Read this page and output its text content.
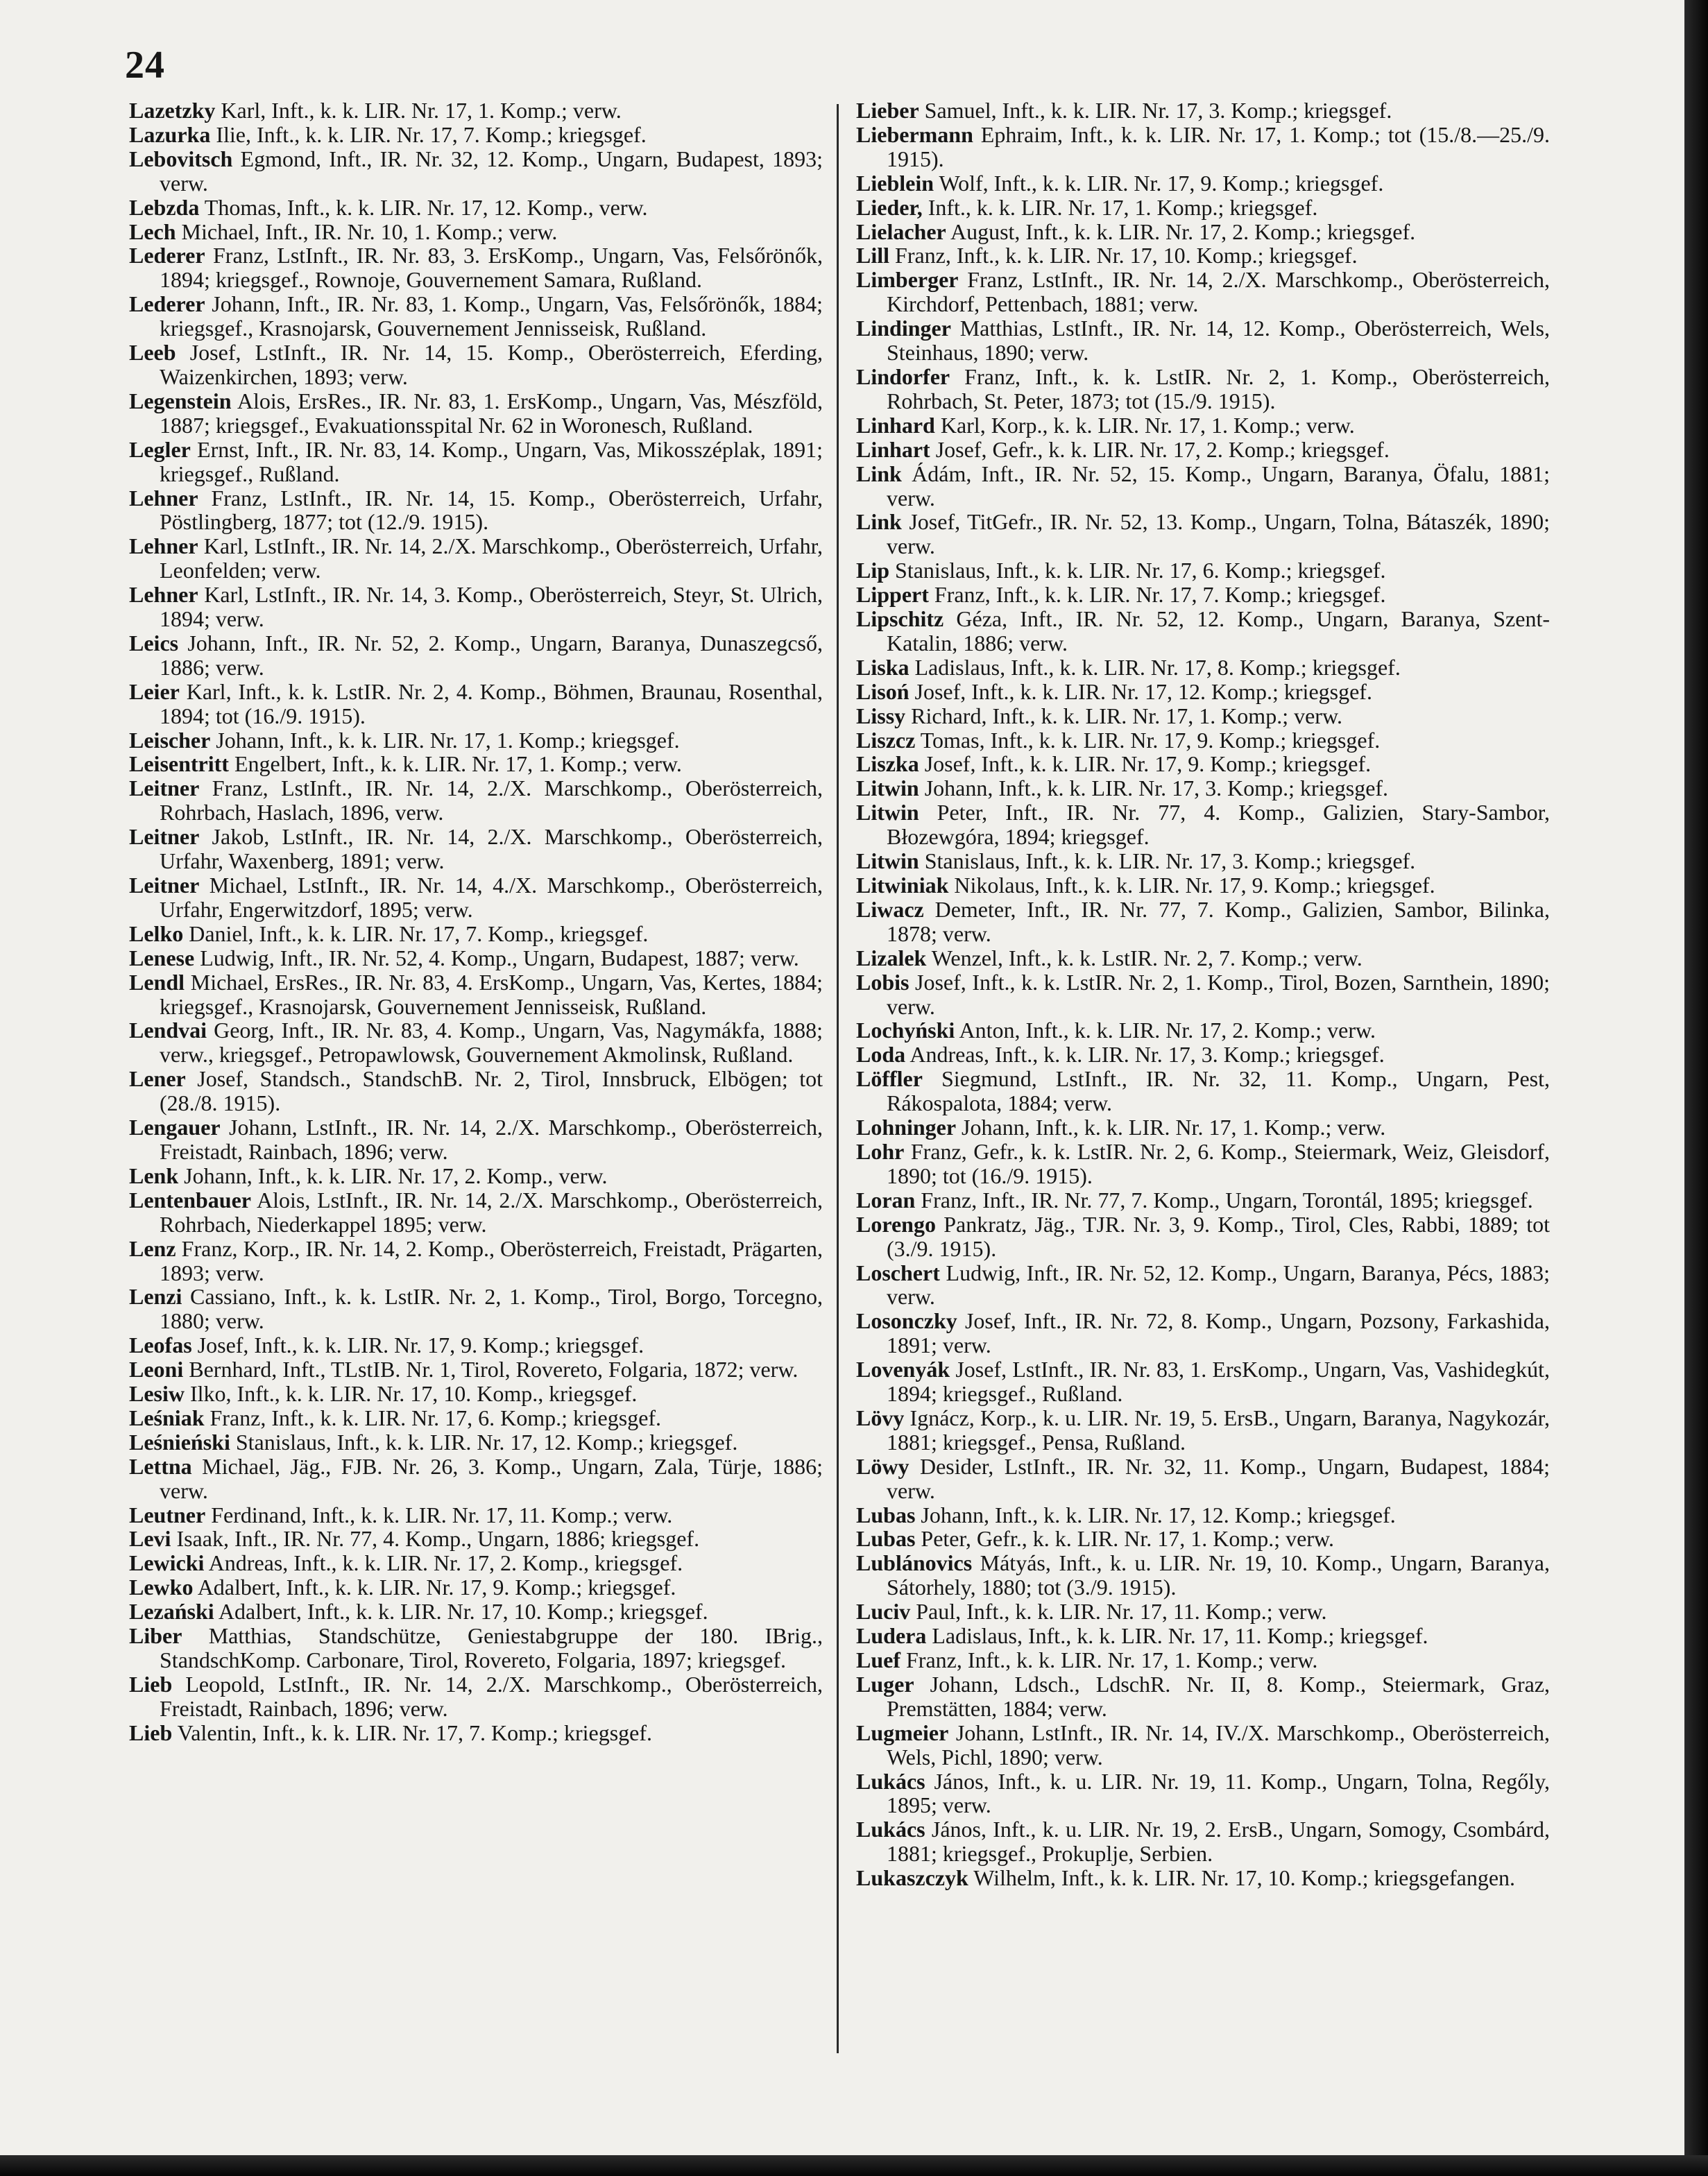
24
Lazetzky Karl, Inft., k. k. LIR. Nr. 17, 1. Komp.; verw.
Lazurka Ilie, Inft., k. k. LIR. Nr. 17, 7. Komp.; kriegsgef.
Lebovitsch Egmond, Inft., IR. Nr. 32, 12. Komp., Ungarn, Budapest, 1893; verw.
Lebzda Thomas, Inft., k. k. LIR. Nr. 17, 12. Komp., verw.
Lech Michael, Inft., IR. Nr. 10, 1. Komp.; verw.
Lederer Franz, LstInft., IR. Nr. 83, 3. ErsKomp., Ungarn, Vas, Felsőrönők, 1894; kriegsgef., Rownoje, Gouvernement Samara, Rußland.
Lederer Johann, Inft., IR. Nr. 83, 1. Komp., Ungarn, Vas, Felsőrönők, 1884; kriegsgef., Krasnojarsk, Gouvernement Jennisseisk, Rußland.
Leeb Josef, LstInft., IR. Nr. 14, 15. Komp., Oberösterreich, Eferding, Waizenkirchen, 1893; verw.
Legenstein Alois, ErsRes., IR. Nr. 83, 1. ErsKomp., Ungarn, Vas, Mészföld, 1887; kriegsgef., Evakuationsspital Nr. 62 in Woronesch, Rußland.
Legler Ernst, Inft., IR. Nr. 83, 14. Komp., Ungarn, Vas, Mikosszéplak, 1891; kriegsgef., Rußland.
Lehner Franz, LstInft., IR. Nr. 14, 15. Komp., Oberösterreich, Urfahr, Pöstlingberg, 1877; tot (12./9. 1915).
Lehner Karl, LstInft., IR. Nr. 14, 2./X. Marschkomp., Oberösterreich, Urfahr, Leonfelden; verw.
Lehner Karl, LstInft., IR. Nr. 14, 3. Komp., Oberösterreich, Steyr, St. Ulrich, 1894; verw.
Leics Johann, Inft., IR. Nr. 52, 2. Komp., Ungarn, Baranya, Dunaszegcső, 1886; verw.
Leier Karl, Inft., k. k. LstIR. Nr. 2, 4. Komp., Böhmen, Braunau, Rosenthal, 1894; tot (16./9. 1915).
Leischer Johann, Inft., k. k. LIR. Nr. 17, 1. Komp.; kriegsgef.
Leisentritt Engelbert, Inft., k. k. LIR. Nr. 17, 1. Komp.; verw.
Leitner Franz, LstInft., IR. Nr. 14, 2./X. Marschkomp., Oberösterreich, Rohrbach, Haslach, 1896, verw.
Leitner Jakob, LstInft., IR. Nr. 14, 2./X. Marschkomp., Oberösterreich, Urfahr, Waxenberg, 1891; verw.
Leitner Michael, LstInft., IR. Nr. 14, 4./X. Marschkomp., Oberösterreich, Urfahr, Engerwitzdorf, 1895; verw.
Lelko Daniel, Inft., k. k. LIR. Nr. 17, 7. Komp., kriegsgef.
Lenese Ludwig, Inft., IR. Nr. 52, 4. Komp., Ungarn, Budapest, 1887; verw.
Lendl Michael, ErsRes., IR. Nr. 83, 4. ErsKomp., Ungarn, Vas, Kertes, 1884; kriegsgef., Krasnojarsk, Gouvernement Jennisseisk, Rußland.
Lendvai Georg, Inft., IR. Nr. 83, 4. Komp., Ungarn, Vas, Nagymákfa, 1888; verw., kriegsgef., Petropawlowsk, Gouvernement Akmolinsk, Rußland.
Lener Josef, Standsch., StandschB. Nr. 2, Tirol, Innsbruck, Elbögen; tot (28./8. 1915).
Lengauer Johann, LstInft., IR. Nr. 14, 2./X. Marschkomp., Oberösterreich, Freistadt, Rainbach, 1896; verw.
Lenk Johann, Inft., k. k. LIR. Nr. 17, 2. Komp., verw.
Lentenbauer Alois, LstInft., IR. Nr. 14, 2./X. Marschkomp., Oberösterreich, Rohrbach, Niederkappel 1895; verw.
Lenz Franz, Korp., IR. Nr. 14, 2. Komp., Oberösterreich, Freistadt, Prägarten, 1893; verw.
Lenzi Cassiano, Inft., k. k. LstIR. Nr. 2, 1. Komp., Tirol, Borgo, Torcegno, 1880; verw.
Leofas Josef, Inft., k. k. LIR. Nr. 17, 9. Komp.; kriegsgef.
Leoni Bernhard, Inft., TLstIB. Nr. 1, Tirol, Rovereto, Folgaria, 1872; verw.
Lesiw Ilko, Inft., k. k. LIR. Nr. 17, 10. Komp., kriegsgef.
Leśniak Franz, Inft., k. k. LIR. Nr. 17, 6. Komp.; kriegsgef.
Leśnieński Stanislaus, Inft., k. k. LIR. Nr. 17, 12. Komp.; kriegsgef.
Lettna Michael, Jäg., FJB. Nr. 26, 3. Komp., Ungarn, Zala, Türje, 1886; verw.
Leutner Ferdinand, Inft., k. k. LIR. Nr. 17, 11. Komp.; verw.
Levi Isaak, Inft., IR. Nr. 77, 4. Komp., Ungarn, 1886; kriegsgef.
Lewicki Andreas, Inft., k. k. LIR. Nr. 17, 2. Komp., kriegsgef.
Lewko Adalbert, Inft., k. k. LIR. Nr. 17, 9. Komp.; kriegsgef.
Lezański Adalbert, Inft., k. k. LIR. Nr. 17, 10. Komp.; kriegsgef.
Liber Matthias, Standschütze, Geniestabgruppe der 180. IBrig., StandschKomp. Carbonare, Tirol, Rovereto, Folgaria, 1897; kriegsgef.
Lieb Leopold, LstInft., IR. Nr. 14, 2./X. Marschkomp., Oberösterreich, Freistadt, Rainbach, 1896; verw.
Lieb Valentin, Inft., k. k. LIR. Nr. 17, 7. Komp.; kriegsgef.
Lieber Samuel, Inft., k. k. LIR. Nr. 17, 3. Komp.; kriegsgef.
Liebermann Ephraim, Inft., k. k. LIR. Nr. 17, 1. Komp.; tot (15./8.—25./9. 1915).
Lieblein Wolf, Inft., k. k. LIR. Nr. 17, 9. Komp.; kriegsgef.
Lieder, Inft., k. k. LIR. Nr. 17, 1. Komp.; kriegsgef.
Lielacher August, Inft., k. k. LIR. Nr. 17, 2. Komp.; kriegsgef.
Lill Franz, Inft., k. k. LIR. Nr. 17, 10. Komp.; kriegsgef.
Limberger Franz, LstInft., IR. Nr. 14, 2./X. Marschkomp., Oberösterreich, Kirchdorf, Pettenbach, 1881; verw.
Lindinger Matthias, LstInft., IR. Nr. 14, 12. Komp., Oberösterreich, Wels, Steinhaus, 1890; verw.
Lindorfer Franz, Inft., k. k. LstIR. Nr. 2, 1. Komp., Oberösterreich, Rohrbach, St. Peter, 1873; tot (15./9. 1915).
Linhard Karl, Korp., k. k. LIR. Nr. 17, 1. Komp.; verw.
Linhart Josef, Gefr., k. k. LIR. Nr. 17, 2. Komp.; kriegsgef.
Link Ádám, Inft., IR. Nr. 52, 15. Komp., Ungarn, Baranya, Öfalu, 1881; verw.
Link Josef, TitGefr., IR. Nr. 52, 13. Komp., Ungarn, Tolna, Bátaszék, 1890; verw.
Lip Stanislaus, Inft., k. k. LIR. Nr. 17, 6. Komp.; kriegsgef.
Lippert Franz, Inft., k. k. LIR. Nr. 17, 7. Komp.; kriegsgef.
Lipschitz Géza, Inft., IR. Nr. 52, 12. Komp., Ungarn, Baranya, Szent-Katalin, 1886; verw.
Liska Ladislaus, Inft., k. k. LIR. Nr. 17, 8. Komp.; kriegsgef.
Lisoń Josef, Inft., k. k. LIR. Nr. 17, 12. Komp.; kriegsgef.
Lissy Richard, Inft., k. k. LIR. Nr. 17, 1. Komp.; verw.
Liszcz Tomas, Inft., k. k. LIR. Nr. 17, 9. Komp.; kriegsgef.
Liszka Josef, Inft., k. k. LIR. Nr. 17, 9. Komp.; kriegsgef.
Litwin Johann, Inft., k. k. LIR. Nr. 17, 3. Komp.; kriegsgef.
Litwin Peter, Inft., IR. Nr. 77, 4. Komp., Galizien, Stary-Sambor, Błozewgóra, 1894; kriegsgef.
Litwin Stanislaus, Inft., k. k. LIR. Nr. 17, 3. Komp.; kriegsgef.
Litwiniak Nikolaus, Inft., k. k. LIR. Nr. 17, 9. Komp.; kriegsgef.
Liwacz Demeter, Inft., IR. Nr. 77, 7. Komp., Galizien, Sambor, Bilinka, 1878; verw.
Lizalek Wenzel, Inft., k. k. LstIR. Nr. 2, 7. Komp.; verw.
Lobis Josef, Inft., k. k. LstIR. Nr. 2, 1. Komp., Tirol, Bozen, Sarnthein, 1890; verw.
Lochyński Anton, Inft., k. k. LIR. Nr. 17, 2. Komp.; verw.
Loda Andreas, Inft., k. k. LIR. Nr. 17, 3. Komp.; kriegsgef.
Löffler Siegmund, LstInft., IR. Nr. 32, 11. Komp., Ungarn, Pest, Rákospalota, 1884; verw.
Lohninger Johann, Inft., k. k. LIR. Nr. 17, 1. Komp.; verw.
Lohr Franz, Gefr., k. k. LstIR. Nr. 2, 6. Komp., Steiermark, Weiz, Gleisdorf, 1890; tot (16./9. 1915).
Loran Franz, Inft., IR. Nr. 77, 7. Komp., Ungarn, Torontál, 1895; kriegsgef.
Lorengo Pankratz, Jäg., TJR. Nr. 3, 9. Komp., Tirol, Cles, Rabbi, 1889; tot (3./9. 1915).
Loschert Ludwig, Inft., IR. Nr. 52, 12. Komp., Ungarn, Baranya, Pécs, 1883; verw.
Losonczky Josef, Inft., IR. Nr. 72, 8. Komp., Ungarn, Pozsony, Farkashida, 1891; verw.
Lovenyák Josef, LstInft., IR. Nr. 83, 1. ErsKomp., Ungarn, Vas, Vashidegkút, 1894; kriegsgef., Rußland.
Lövy Ignácz, Korp., k. u. LIR. Nr. 19, 5. ErsB., Ungarn, Baranya, Nagykozár, 1881; kriegsgef., Pensa, Rußland.
Löwy Desider, LstInft., IR. Nr. 32, 11. Komp., Ungarn, Budapest, 1884; verw.
Lubas Johann, Inft., k. k. LIR. Nr. 17, 12. Komp.; kriegsgef.
Lubas Peter, Gefr., k. k. LIR. Nr. 17, 1. Komp.; verw.
Lublánovics Mátyás, Inft., k. u. LIR. Nr. 19, 10. Komp., Ungarn, Baranya, Sátorhely, 1880; tot (3./9. 1915).
Luciv Paul, Inft., k. k. LIR. Nr. 17, 11. Komp.; verw.
Ludera Ladislaus, Inft., k. k. LIR. Nr. 17, 11. Komp.; kriegsgef.
Luef Franz, Inft., k. k. LIR. Nr. 17, 1. Komp.; verw.
Luger Johann, Ldsch., LdschR. Nr. II, 8. Komp., Steiermark, Graz, Premstätten, 1884; verw.
Lugmeier Johann, LstInft., IR. Nr. 14, IV./X. Marschkomp., Oberösterreich, Wels, Pichl, 1890; verw.
Lukács János, Inft., k. u. LIR. Nr. 19, 11. Komp., Ungarn, Tolna, Regőly, 1895; verw.
Lukács János, Inft., k. u. LIR. Nr. 19, 2. ErsB., Ungarn, Somogy, Csombárd, 1881; kriegsgef., Prokuplje, Serbien.
Lukaszczyk Wilhelm, Inft., k. k. LIR. Nr. 17, 10. Komp.; kriegsgefangen.
